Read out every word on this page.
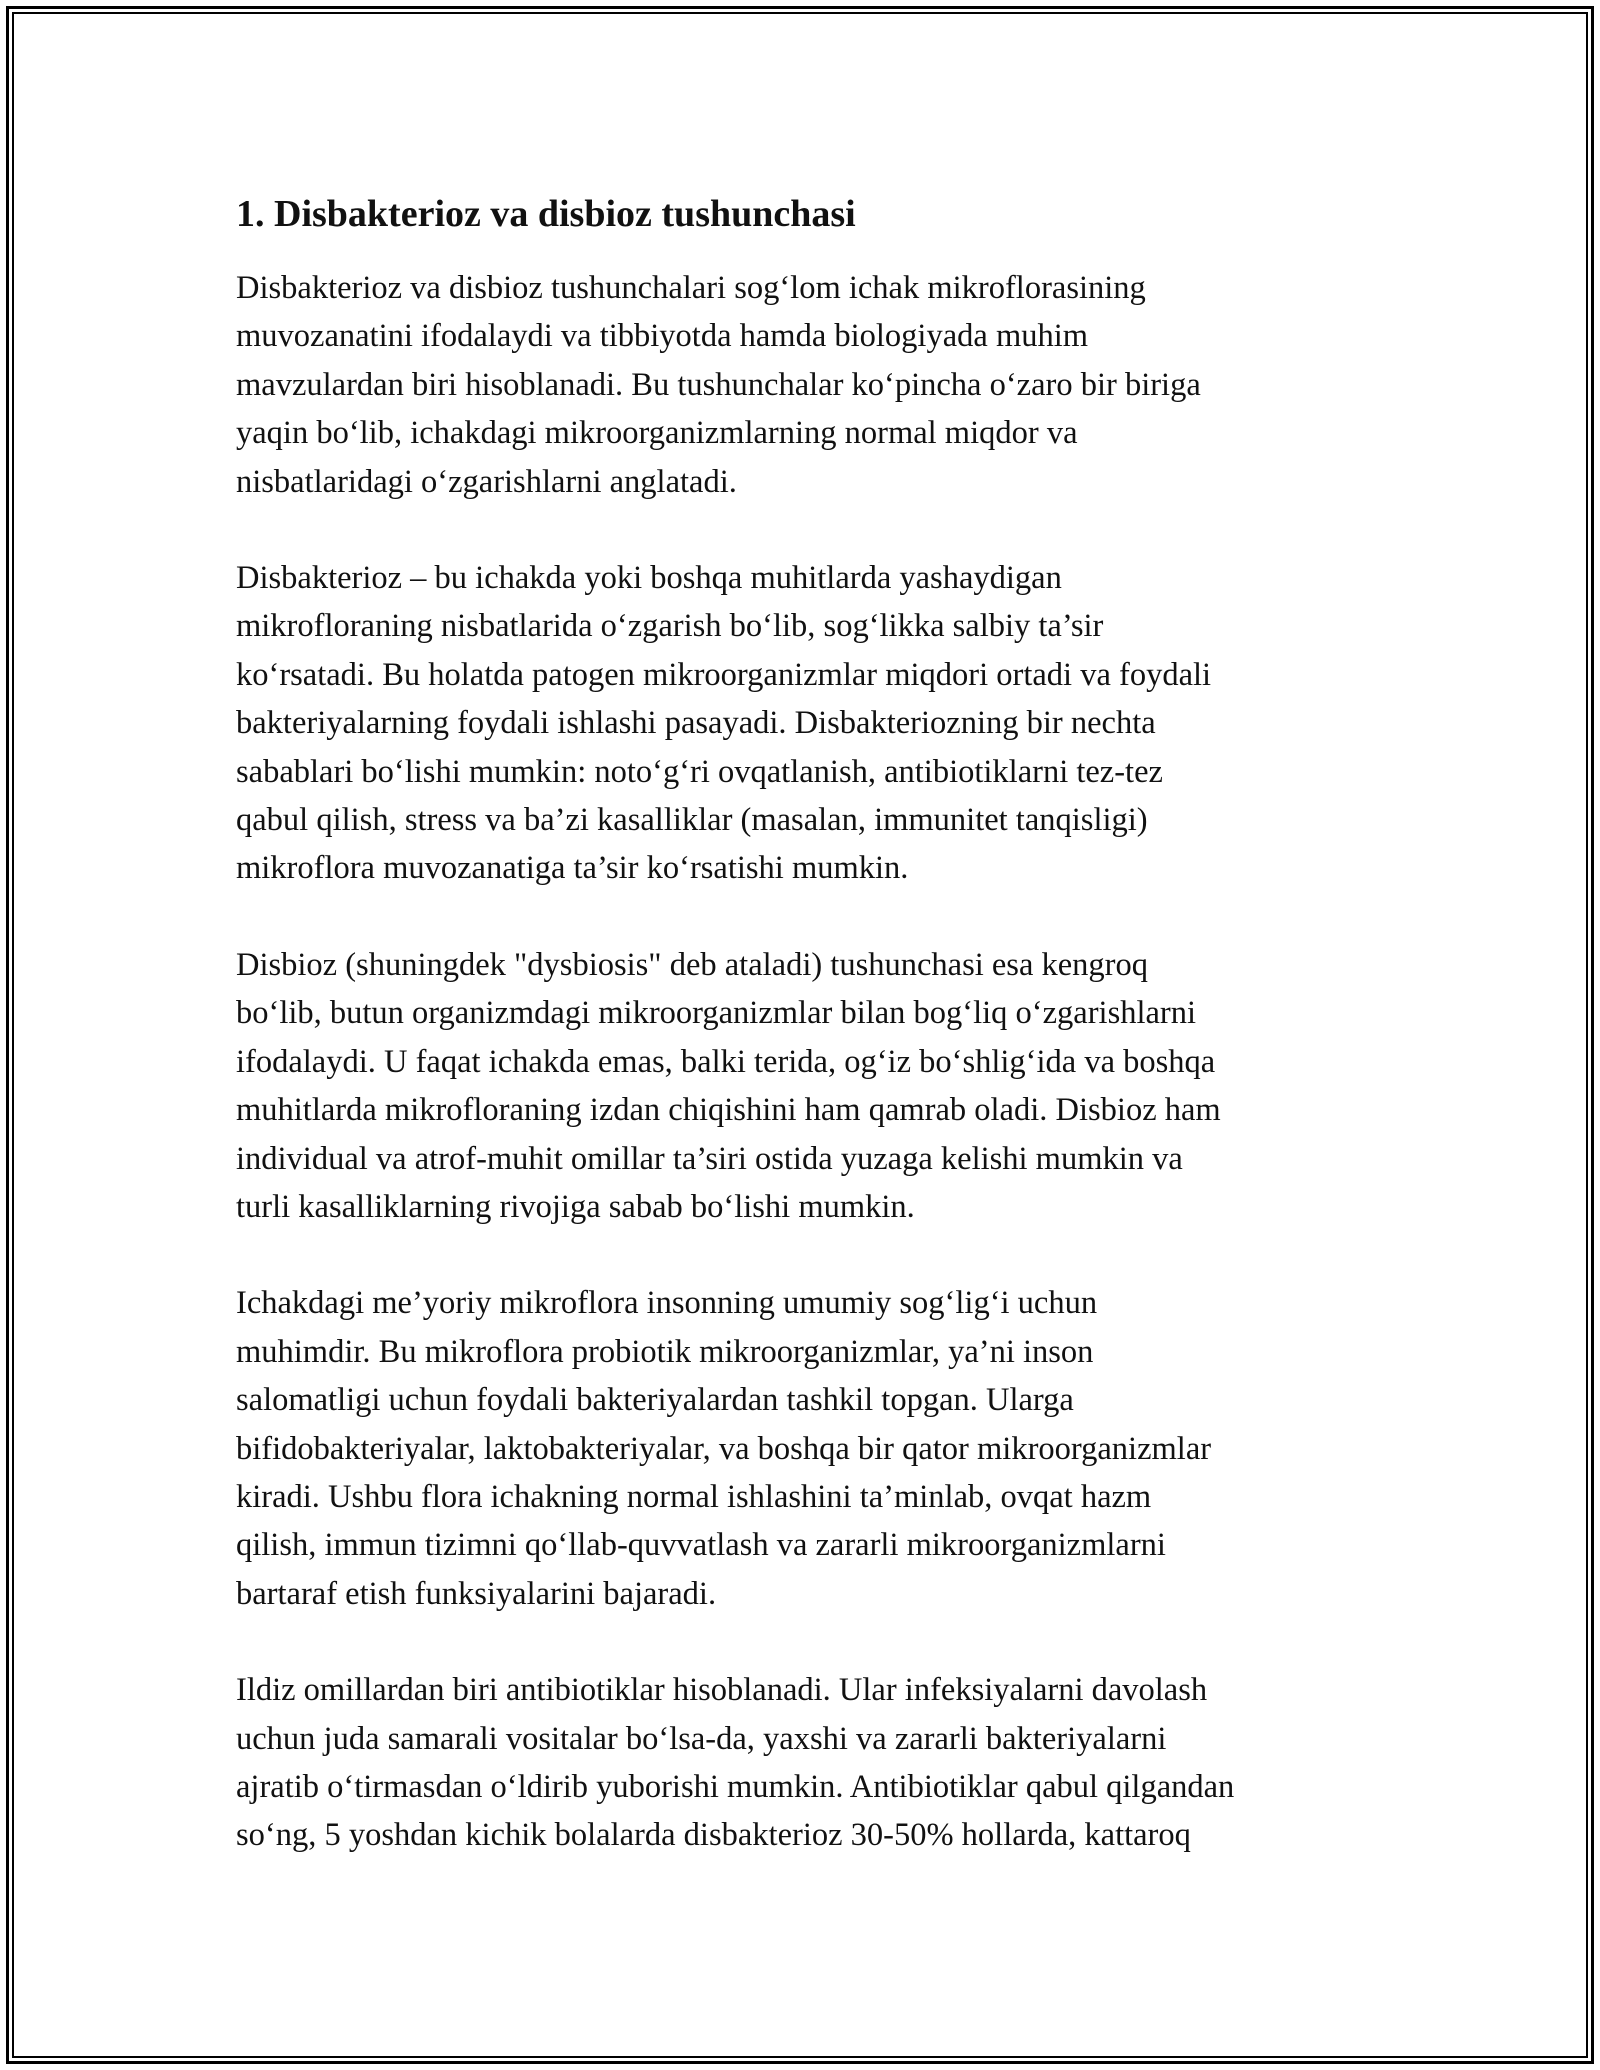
1. Disbakterioz va disbioz tushunchasi

Disbakterioz va disbioz tushunchalari sog‘lom ichak mikroflorasining
muvozanatini ifodalaydi va tibbiyotda hamda biologiyada muhim
mavzulardan biri hisoblanadi. Bu tushunchalar ko‘pincha o‘zaro bir biriga
yaqin bo‘lib, ichakdagi mikroorganizmlarning normal miqdor va
nisbatlaridagi o‘zgarishlarni anglatadi.

Disbakterioz – bu ichakda yoki boshqa muhitlarda yashaydigan
mikrofloraning nisbatlarida o‘zgarish bo‘lib, sog‘likka salbiy ta’sir
ko‘rsatadi. Bu holatda patogen mikroorganizmlar miqdori ortadi va foydali
bakteriyalarning foydali ishlashi pasayadi. Disbakteriozning bir nechta
sabablari bo‘lishi mumkin: noto‘g‘ri ovqatlanish, antibiotiklarni tez-tez
qabul qilish, stress va ba’zi kasalliklar (masalan, immunitet tanqisligi)
mikroflora muvozanatiga ta’sir ko‘rsatishi mumkin.

Disbioz (shuningdek "dysbiosis" deb ataladi) tushunchasi esa kengroq
bo‘lib, butun organizmdagi mikroorganizmlar bilan bog‘liq o‘zgarishlarni
ifodalaydi. U faqat ichakda emas, balki terida, og‘iz bo‘shlig‘ida va boshqa
muhitlarda mikrofloraning izdan chiqishini ham qamrab oladi. Disbioz ham
individual va atrof-muhit omillar ta’siri ostida yuzaga kelishi mumkin va
turli kasalliklarning rivojiga sabab bo‘lishi mumkin.

Ichakdagi me’yoriy mikroflora insonning umumiy sog‘lig‘i uchun
muhimdir. Bu mikroflora probiotik mikroorganizmlar, ya’ni inson
salomatligi uchun foydali bakteriyalardan tashkil topgan. Ularga
bifidobakteriyalar, laktobakteriyalar, va boshqa bir qator mikroorganizmlar
kiradi. Ushbu flora ichakning normal ishlashini ta’minlab, ovqat hazm
qilish, immun tizimni qo‘llab-quvvatlash va zararli mikroorganizmlarni
bartaraf etish funksiyalarini bajaradi.

Ildiz omillardan biri antibiotiklar hisoblanadi. Ular infeksiyalarni davolash
uchun juda samarali vositalar bo‘lsa-da, yaxshi va zararli bakteriyalarni
ajratib o‘tirmasdan o‘ldirib yuborishi mumkin. Antibiotiklar qabul qilgandan
so‘ng, 5 yoshdan kichik bolalarda disbakterioz 30-50% hollarda, kattaroq
